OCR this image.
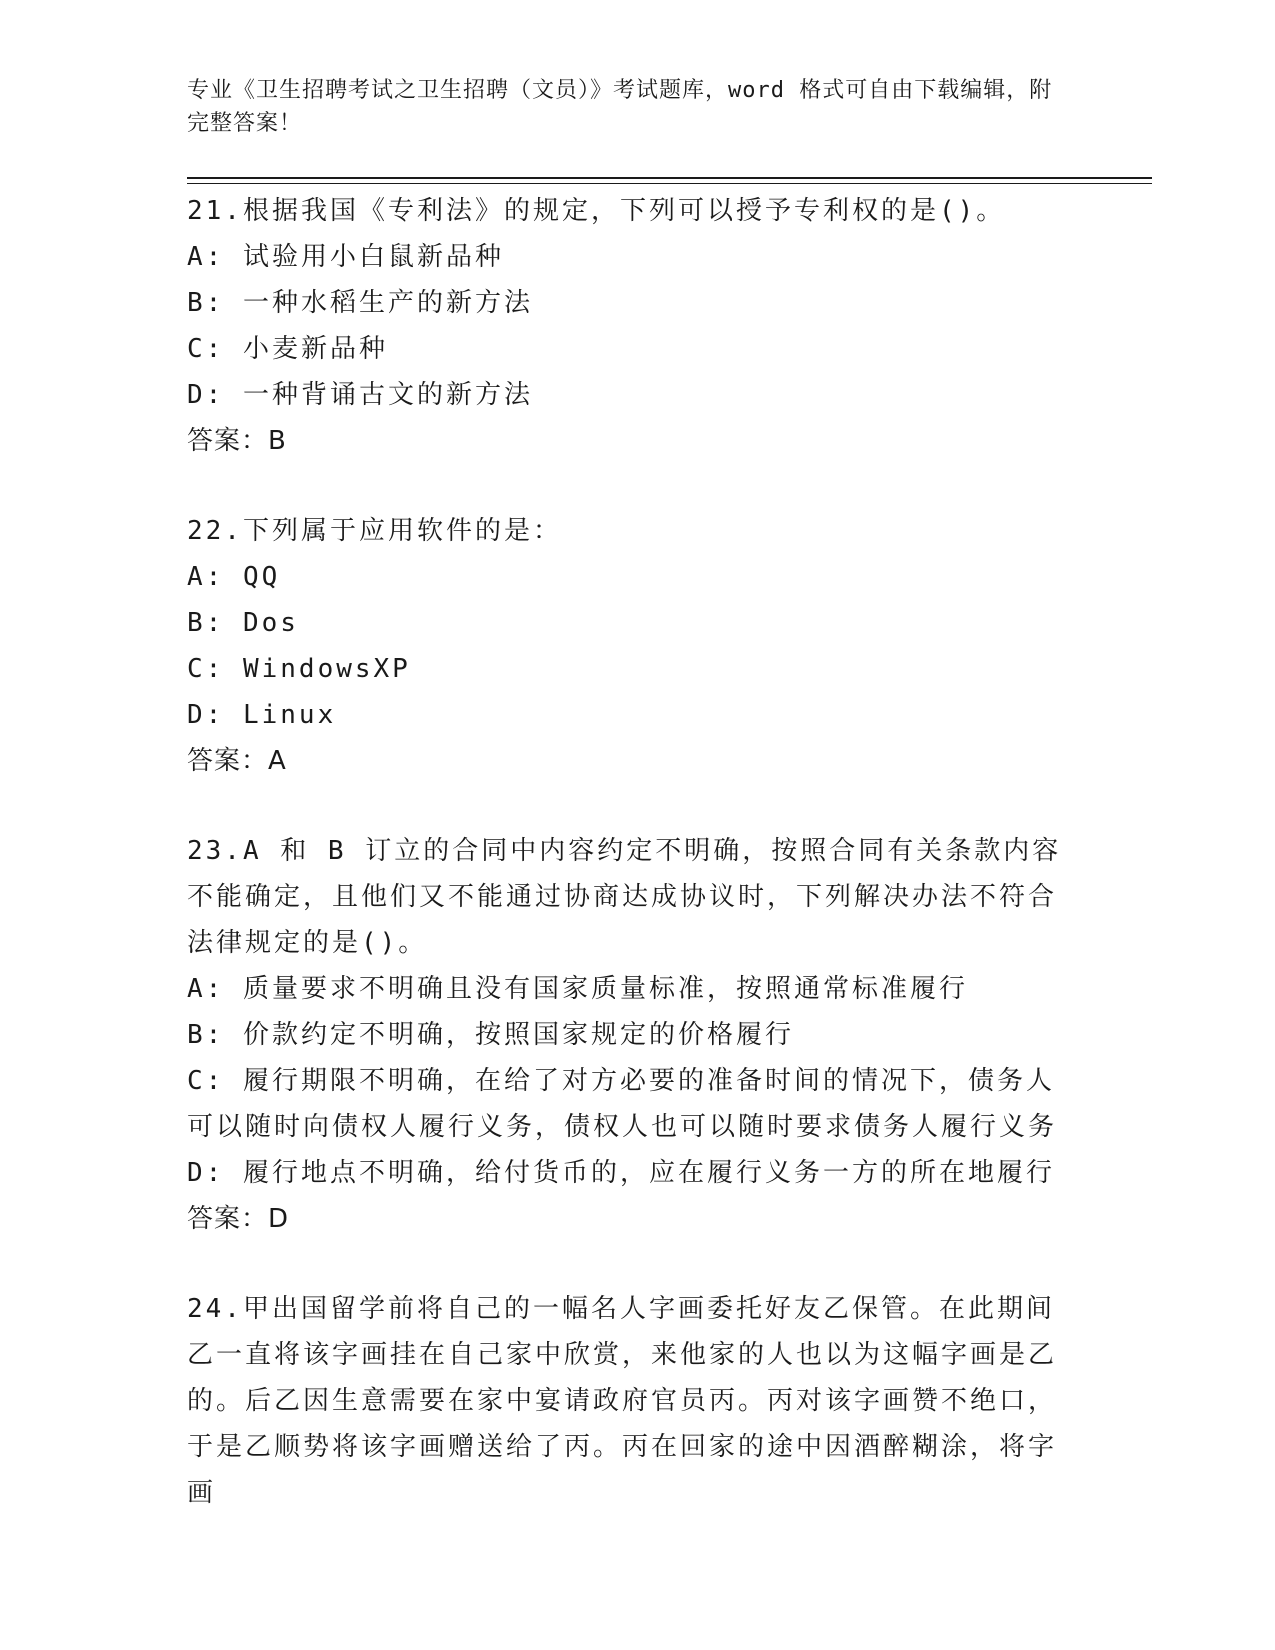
专业《卫生招聘考试之卫生招聘（文员）》考试题库，word 格式可自由下载编辑，附完整答案！
21.根据我国《专利法》的规定，下列可以授予专利权的是()。
A: 试验用小白鼠新品种
B: 一种水稻生产的新方法
C: 小麦新品种
D: 一种背诵古文的新方法
答案：B
22.下列属于应用软件的是：
A: QQ
B: Dos
C: WindowsXP
D: Linux
答案：A
23.A 和 B 订立的合同中内容约定不明确，按照合同有关条款内容不能确定，且他们又不能通过协商达成协议时，下列解决办法不符合法律规定的是()。
A: 质量要求不明确且没有国家质量标准，按照通常标准履行
B: 价款约定不明确，按照国家规定的价格履行
C: 履行期限不明确，在给了对方必要的准备时间的情况下，债务人可以随时向债权人履行义务，债权人也可以随时要求债务人履行义务
D: 履行地点不明确，给付货币的，应在履行义务一方的所在地履行
答案：D
24.甲出国留学前将自己的一幅名人字画委托好友乙保管。在此期间乙一直将该字画挂在自己家中欣赏，来他家的人也以为这幅字画是乙的。后乙因生意需要在家中宴请政府官员丙。丙对该字画赞不绝口，于是乙顺势将该字画赠送给了丙。丙在回家的途中因酒醉糊涂，将字画
